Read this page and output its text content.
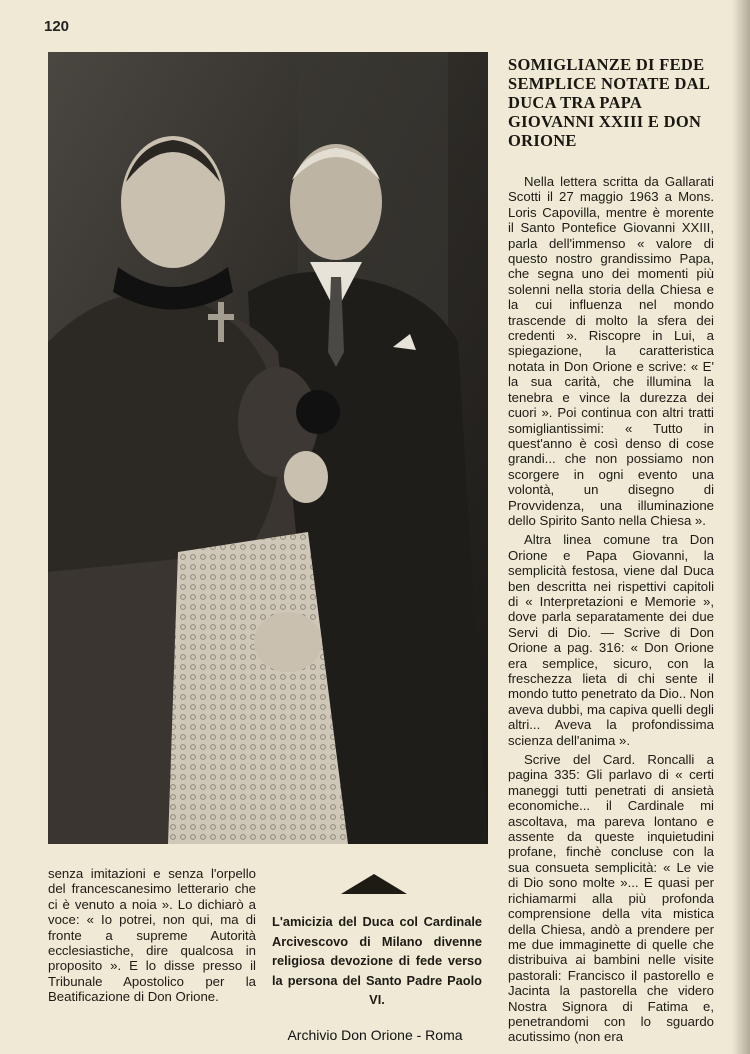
120
SOMIGLIANZE DI FEDE SEMPLICE NOTATE DAL DUCA TRA PAPA GIOVANNI XXIII E DON ORIONE

Nella lettera scritta da Gallarati Scotti il 27 maggio 1963 a Mons. Loris Capovilla, mentre è morente il Santo Pontefice Giovanni XXIII, parla dell'immenso « valore di questo nostro grandissimo Papa, che segna uno dei momenti più solenni nella storia della Chiesa e la cui influenza nel mondo trascende di molto la sfera dei credenti ». Riscopre in Lui, a spiegazione, la caratteristica notata in Don Orione e scrive: « E' la sua carità, che illumina la tenebra e vince la durezza dei cuori ». Poi continua con altri tratti somigliantissimi: « Tutto in quest'anno è così denso di cose grandi... che non possiamo non scorgere in ogni evento una volontà, un disegno di Provvidenza, una illuminazione dello Spirito Santo nella Chiesa ».

Altra linea comune tra Don Orione e Papa Giovanni, la semplicità festosa, viene dal Duca ben descritta nei rispettivi capitoli di « Interpretazioni e Memorie », dove parla separatamente dei due Servi di Dio. — Scrive di Don Orione a pag. 316: « Don Orione era semplice, sicuro, con la freschezza lieta di chi sente il mondo tutto penetrato da Dio.. Non aveva dubbi, ma capiva quelli degli altri... Aveva la profondissima scienza dell'anima ».

Scrive del Card. Roncalli a pagina 335: Gli parlavo di « certi maneggi tutti penetrati di ansietà economiche... il Cardinale mi ascoltava, ma pareva lontano e assente da queste inquietudini profane, finchè concluse con la sua consueta semplicità: « Le vie di Dio sono molte »... E quasi per richiamarmi alla più profonda comprensione della vita mistica della Chiesa, andò a prendere per me due immaginette di quelle che distribuiva ai bambini nelle visite pastorali: Francisco il pastorello e Jacinta la pastorella che videro Nostra Signora di Fatima e, penetrandomi con lo sguardo acutissimo (non era

senza imitazioni e senza l'orpello del francescanesimo letterario che ci è venuto a noia ». Lo dichiarò a voce: « Io potrei, non qui, ma di fronte a supreme Autorità ecclesiastiche, dire qualcosa in proposito ». E lo disse presso il Tribunale Apostolico per la Beatificazione di Don Orione.

L'amicizia del Duca col Cardinale Arcivescovo di Milano divenne religiosa devozione di fede verso la persona del Santo Padre Paolo VI.

Archivio Don Orione - Roma
